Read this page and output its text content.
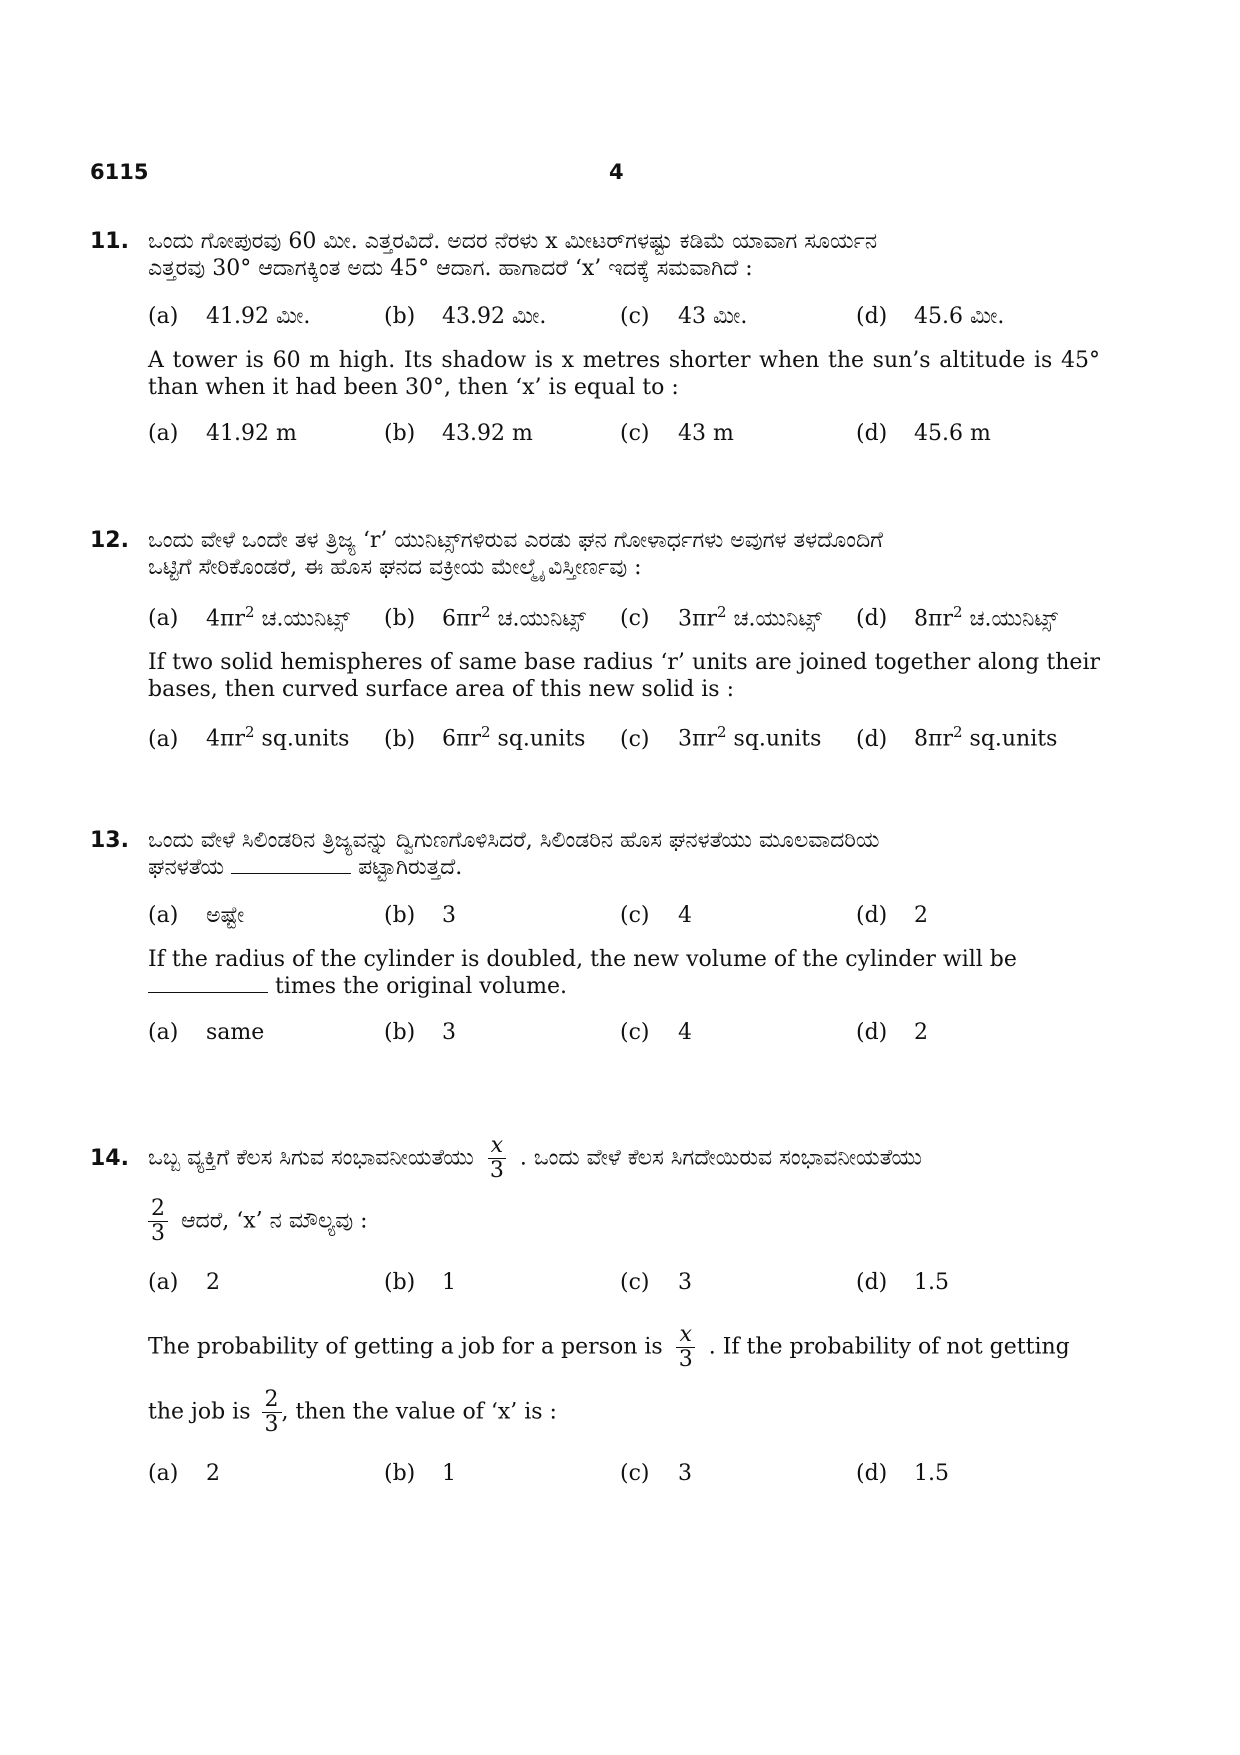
6115	4
11. ಒಂದು ಗೋಪುರವು 60 ಮೀ. ಎತ್ತರವಿದೆ. ಅದರ ನೆರಳು x ಮೀಟರ್‌ಗಳಷ್ಟು ಕಡಿಮೆ ಯಾವಾಗ ಸೂರ್ಯನ
ಎತ್ತರವು 30° ಆದಾಗಕ್ಕಿಂತ ಅದು 45° ಆದಾಗ. ಹಾಗಾದರೆ ‘x’ ಇದಕ್ಕೆ ಸಮವಾಗಿದೆ :
(a)	41.92 ಮೀ.	(b)	43.92 ಮೀ.	(c)	43 ಮೀ.	(d)	45.6 ಮೀ.
A tower is 60 m high. Its shadow is x metres shorter when the sun’s altitude is 45° than when it had been 30°, then ‘x’ is equal to :
(a)	41.92 m	(b)	43.92 m	(c)	43 m	(d)	45.6 m
12. ಒಂದು ವೇಳೆ ಒಂದೇ ತಳ ತ್ರಿಜ್ಯ ‘r’ ಯುನಿಟ್ಸ್‌ಗಳಿರುವ ಎರಡು ಘನ ಗೋಳಾರ್ಧಗಳು ಅವುಗಳ ತಳದೊಂದಿಗೆ
ಒಟ್ಟಿಗೆ ಸೇರಿಕೊಂಡರೆ, ಈ ಹೊಸ ಘನದ ವಕ್ರೀಯ ಮೇಲ್ಮೈ ವಿಸ್ತೀರ್ಣವು :
(a)	$4\pi r^2$ ಚ.ಯುನಿಟ್ಸ್ (b)	$6\pi r^2$ ಚ.ಯುನಿಟ್ಸ್ (c)	$3\pi r^2$ ಚ.ಯುನಿಟ್ಸ್ (d)	$8\pi r^2$ ಚ.ಯುನಿಟ್ಸ್
If two solid hemispheres of same base radius ‘r’ units are joined together along their bases, then curved surface area of this new solid is :
(a)	$4\pi r^2$ sq.units (b)	$6\pi r^2$ sq.units (c)	$3\pi r^2$ sq.units (d)	$8\pi r^2$ sq.units
13. ಒಂದು ವೇಳೆ ಸಿಲಿಂಡರಿನ ತ್ರಿಜ್ಯವನ್ನು ದ್ವಿಗುಣಗೊಳಿಸಿದರೆ, ಸಿಲಿಂಡರಿನ ಹೊಸ ಘನಳತೆಯು ಮೂಲವಾದರಿಯ
ಘನಳತೆಯ	ಪಟ್ಟಾಗಿರುತ್ತದೆ.
(a)	ಅಷ್ಟೇ	(b)	3	(c)	4	(d)	2
If the radius of the cylinder is doubled, the new volume of the cylinder will be
times the original volume.
(a)	same	(b)	3	(c)	4	(d)	2
14. ಒಬ್ಬ ವ್ಯಕ್ತಿಗೆ ಕೆಲಸ ಸಿಗುವ ಸಂಭಾವನೀಯತೆಯು $\frac{x}{3}$ . ಒಂದು ವೇಳೆ ಕೆಲಸ ಸಿಗದೇಯಿರುವ ಸಂಭಾವನೀಯತೆಯು
$\frac{2}{3}$ ಆದರೆ, ‘x’ ನ ಮೌಲ್ಯವು :
(a)	2	(b)	1	(c)	3	(d)	1.5
The probability of getting a job for a person is $\frac{x}{3}$ . If the probability of not getting
the job is $\frac{2}{3}$ , then the value of ‘x’ is :
(a)	2	(b)	1	(c)	3	(d)	1.5
